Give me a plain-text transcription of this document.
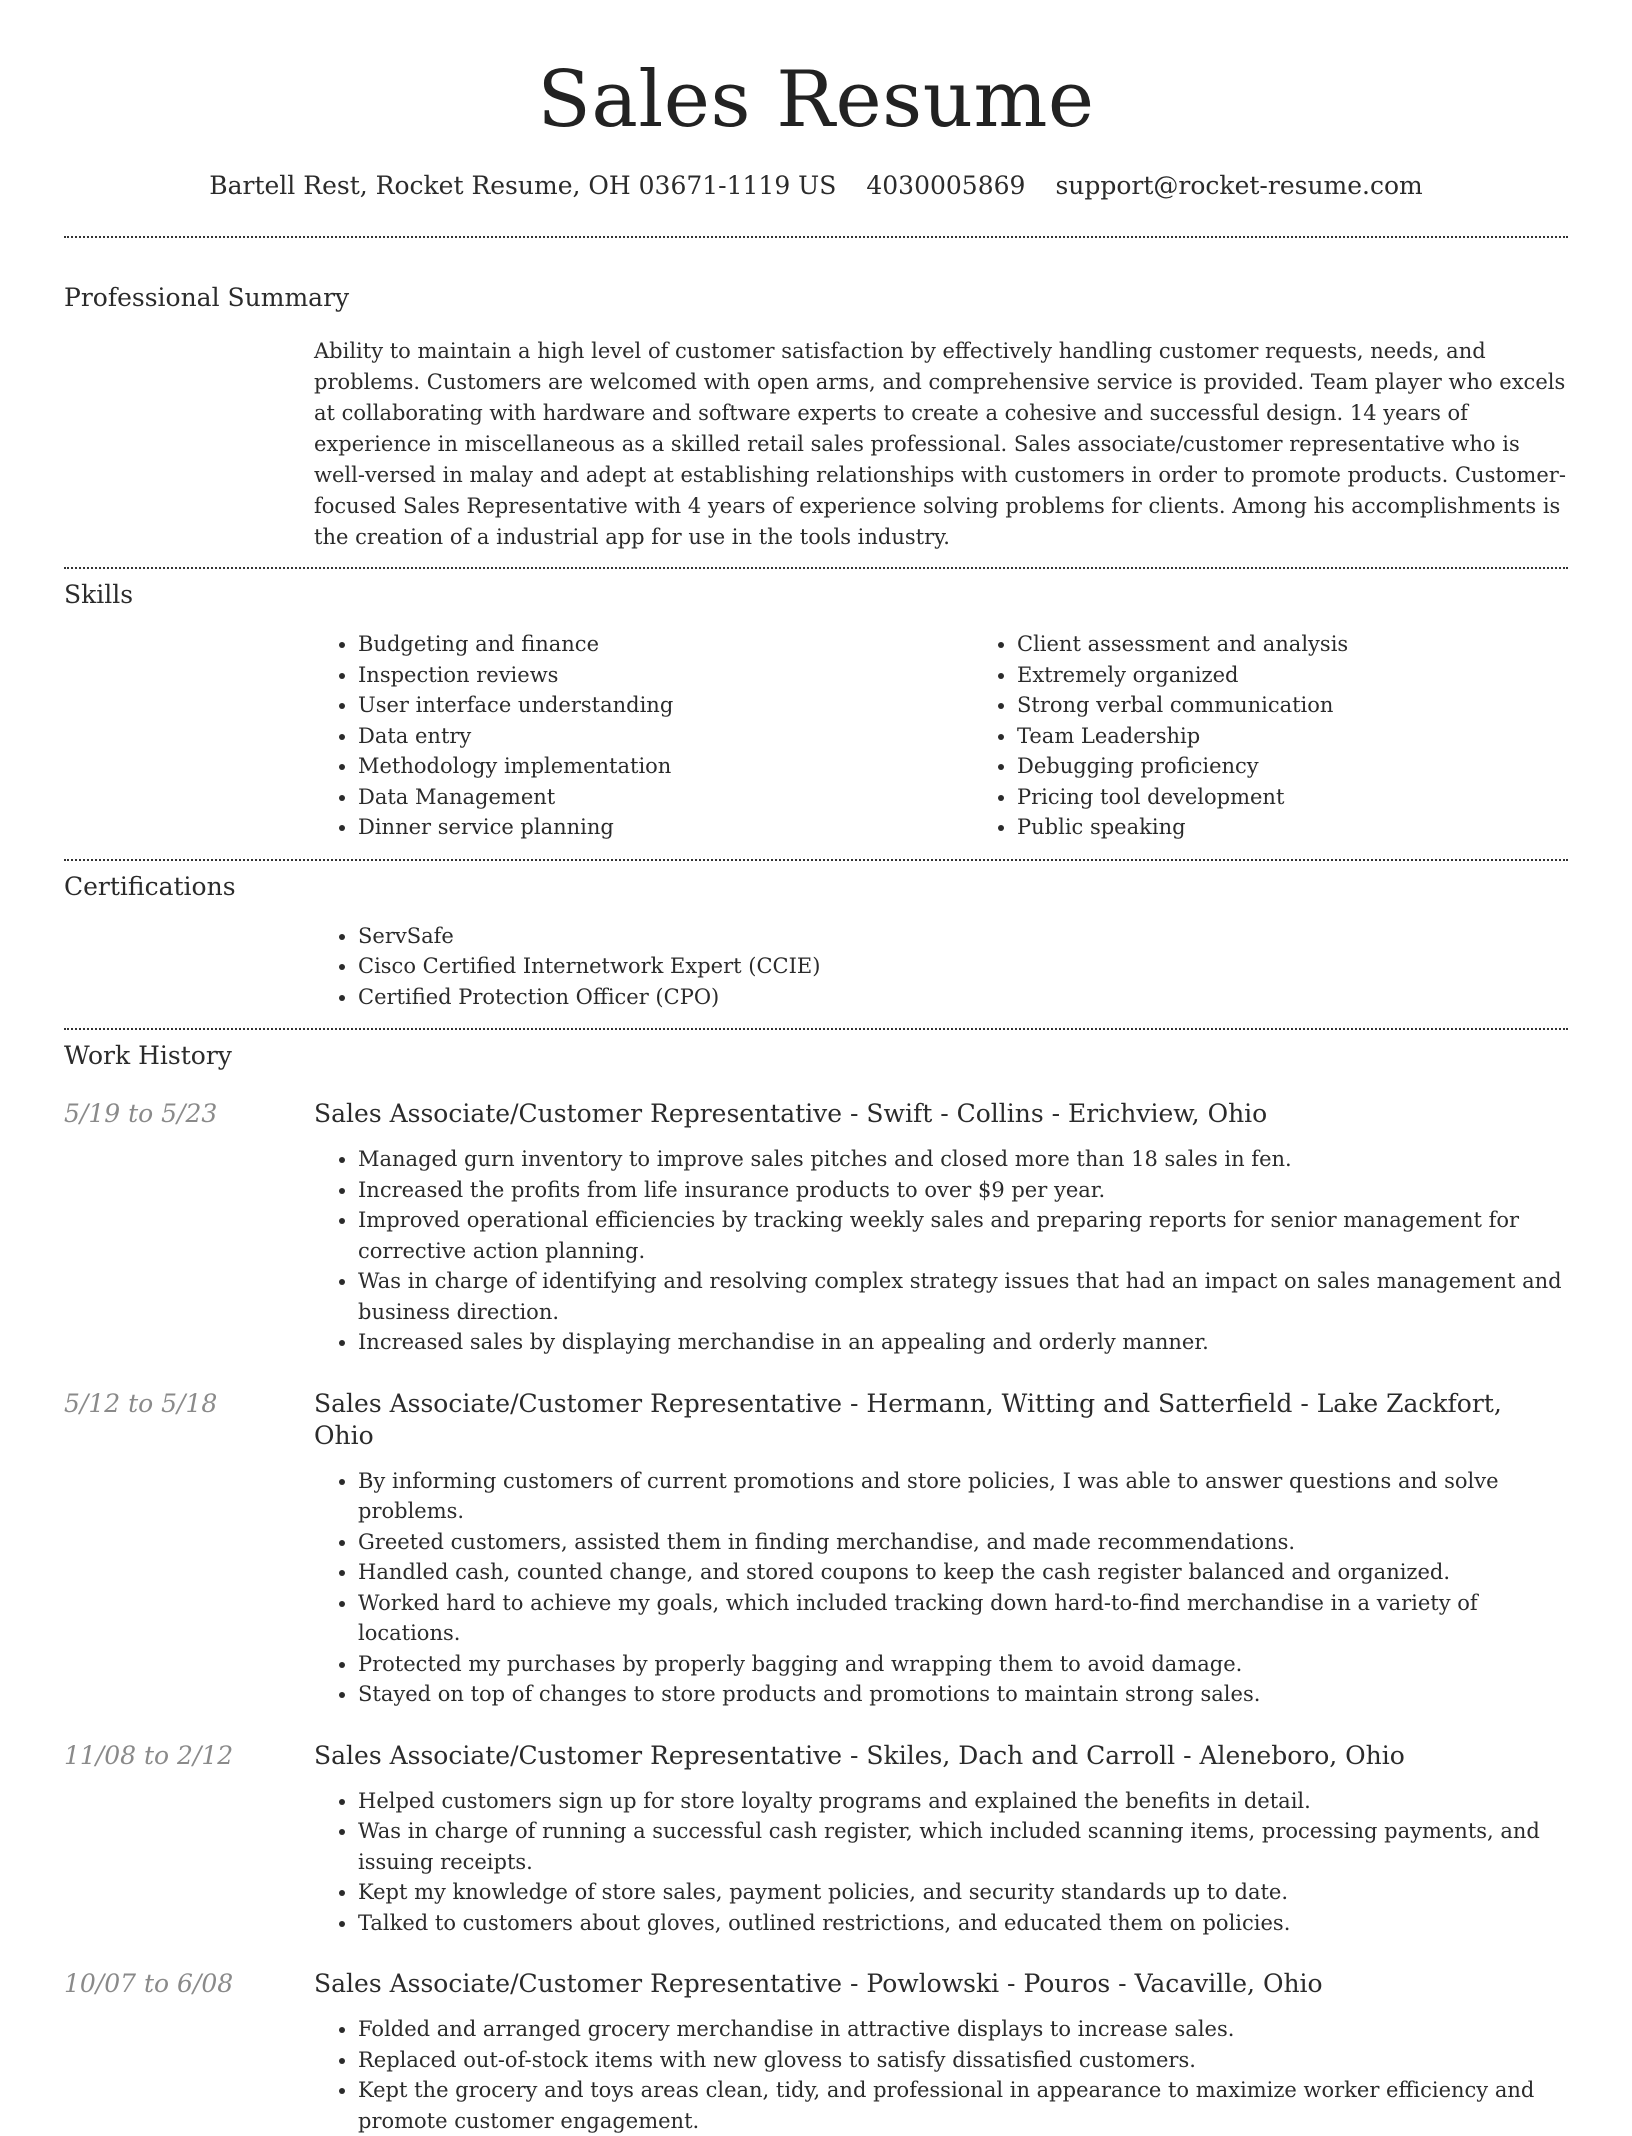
Sales Resume
Bartell Rest, Rocket Resume, OH 03671-1119 US 4030005869 support@rocket-resume.com
Professional Summary

Ability to maintain a high level of customer satisfaction by effectively handling customer requests, needs, and problems. Customers are welcomed with open arms, and comprehensive service is provided. Team player who excels at collaborating with hardware and software experts to create a cohesive and successful design. 14 years of experience in miscellaneous as a skilled retail sales professional. Sales associate/customer representative who is well-versed in malay and adept at establishing relationships with customers in order to promote products. Customer-focused Sales Representative with 4 years of experience solving problems for clients. Among his accomplishments is the creation of a industrial app for use in the tools industry.

Skills
• Budgeting and finance
• Inspection reviews
• User interface understanding
• Data entry
• Methodology implementation
• Data Management
• Dinner service planning
• Client assessment and analysis
• Extremely organized
• Strong verbal communication
• Team Leadership
• Debugging proficiency
• Pricing tool development
• Public speaking
Certifications
• ServSafe
• Cisco Certified Internetwork Expert (CCIE)
• Certified Protection Officer (CPO)
Work History
5/19 to 5/23	Sales Associate/Customer Representative - Swift - Collins - Erichview, Ohio
• Managed gurn inventory to improve sales pitches and closed more than 18 sales in fen.
• Increased the profits from life insurance products to over $9 per year.
• Improved operational efficiencies by tracking weekly sales and preparing reports for senior management for corrective action planning.
• Was in charge of identifying and resolving complex strategy issues that had an impact on sales management and business direction.
• Increased sales by displaying merchandise in an appealing and orderly manner.
5/12 to 5/18	Sales Associate/Customer Representative - Hermann, Witting and Satterfield - Lake Zackfort, Ohio
• By informing customers of current promotions and store policies, I was able to answer questions and solve problems.
• Greeted customers, assisted them in finding merchandise, and made recommendations.
• Handled cash, counted change, and stored coupons to keep the cash register balanced and organized.
• Worked hard to achieve my goals, which included tracking down hard-to-find merchandise in a variety of locations.
• Protected my purchases by properly bagging and wrapping them to avoid damage.
• Stayed on top of changes to store products and promotions to maintain strong sales.
11/08 to 2/12	Sales Associate/Customer Representative - Skiles, Dach and Carroll - Aleneboro, Ohio
• Helped customers sign up for store loyalty programs and explained the benefits in detail.
• Was in charge of running a successful cash register, which included scanning items, processing payments, and issuing receipts.
• Kept my knowledge of store sales, payment policies, and security standards up to date.
• Talked to customers about gloves, outlined restrictions, and educated them on policies.
10/07 to 6/08	Sales Associate/Customer Representative - Powlowski - Pouros - Vacaville, Ohio
• Folded and arranged grocery merchandise in attractive displays to increase sales.
• Replaced out-of-stock items with new glovess to satisfy dissatisfied customers.
• Kept the grocery and toys areas clean, tidy, and professional in appearance to maximize worker efficiency and promote customer engagement.
